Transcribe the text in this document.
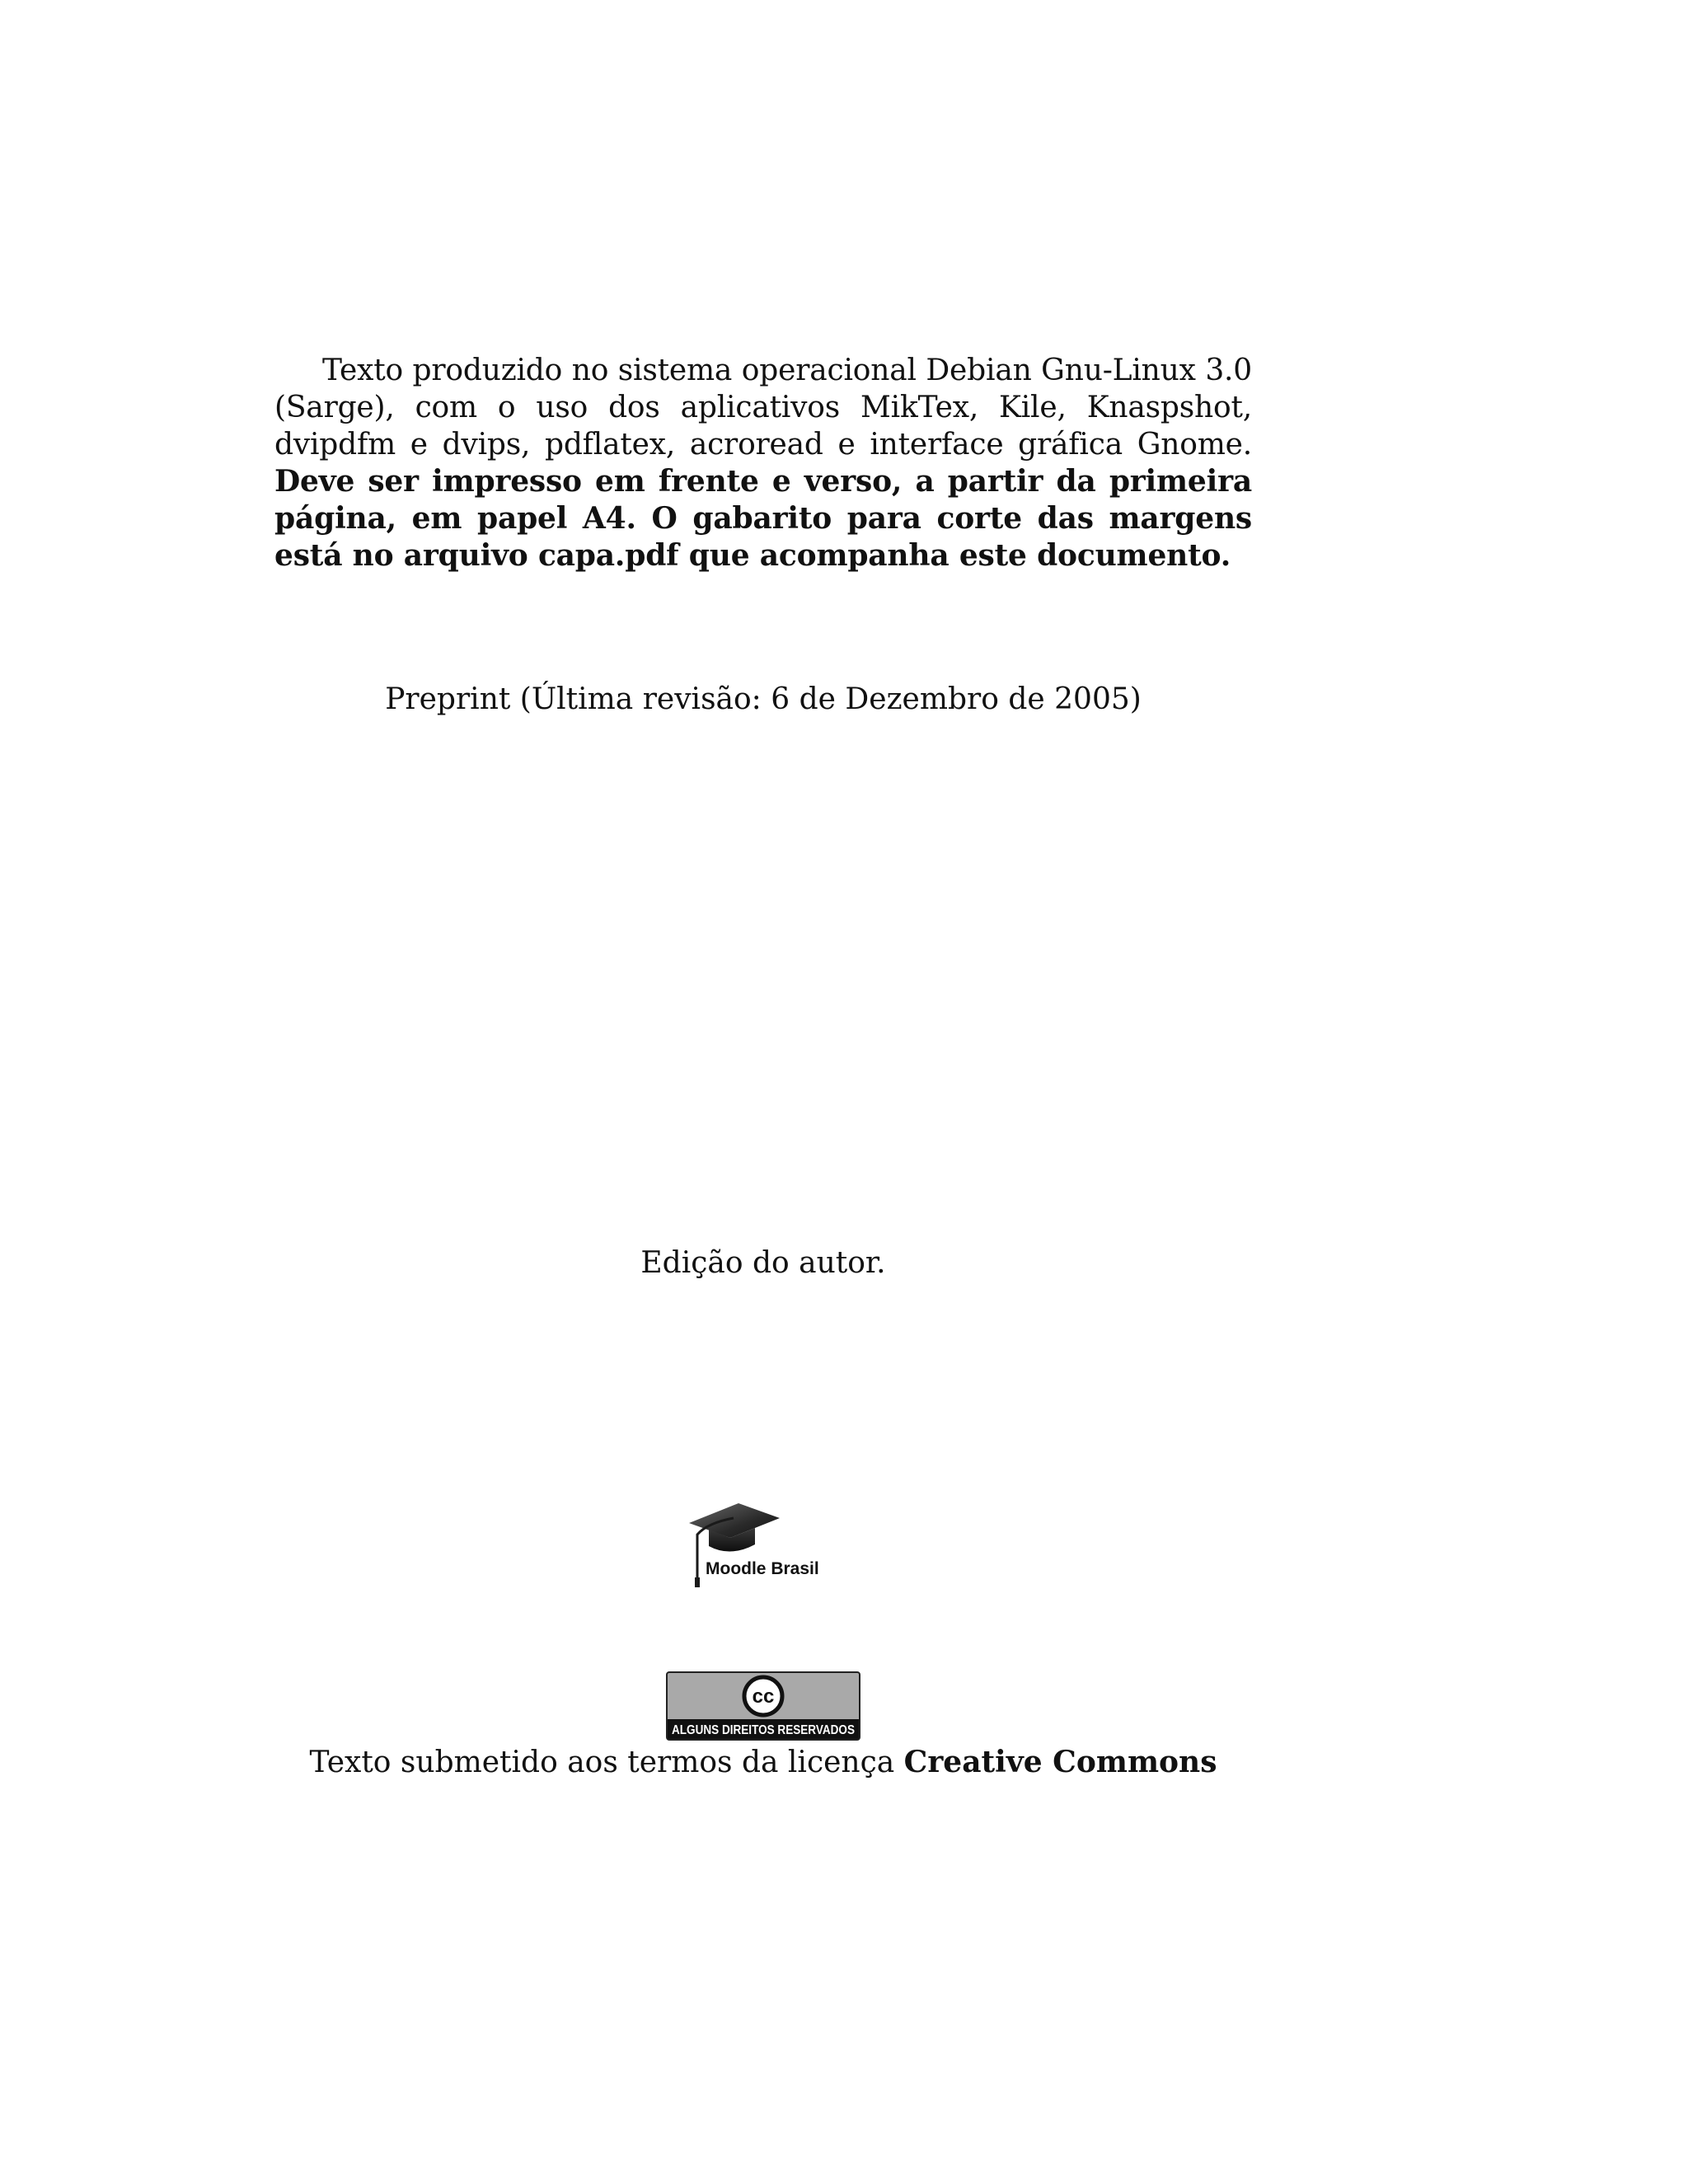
Texto produzido no sistema operacional Debian Gnu-Linux 3.0 (Sarge), com o uso dos aplicativos MikTex, Kile, Knaspshot, dvipdfm e dvips, pdflatex, acroread e interface gráfica Gnome. Deve ser impresso em frente e verso, a partir da primeira página, em papel A4. O gabarito para corte das margens está no arquivo capa.pdf que acompanha este documento.

Preprint (Última revisão: 6 de Dezembro de 2005)
Edição do autor.
Moodle Brasil
cc
ALGUNS DIREITOS RESERVADOS
Texto submetido aos termos da licença Creative Commons
